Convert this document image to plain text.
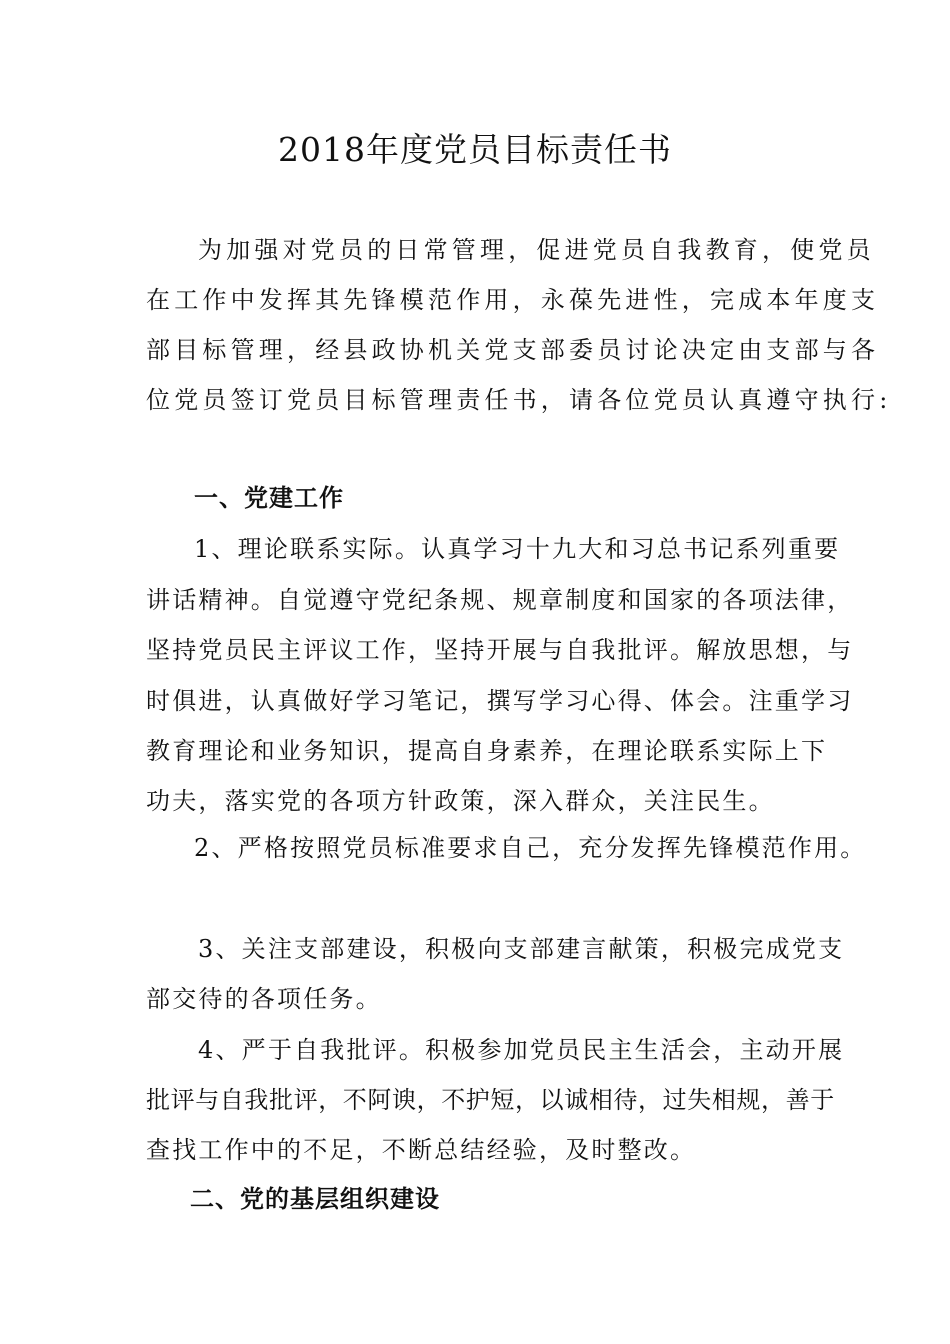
2018年度党员目标责任书

为加强对党员的日常管理，促进党员自我教育，使党员

在工作中发挥其先锋模范作用，永葆先进性，完成本年度支

部目标管理，经县政协机关党支部委员讨论决定由支部与各

位党员签订党员目标管理责任书，请各位党员认真遵守执行:

一、党建工作

1、理论联系实际。认真学习十九大和习总书记系列重要

讲话精神。自觉遵守党纪条规、规章制度和国家的各项法律，

坚持党员民主评议工作，坚持开展与自我批评。解放思想，与

时俱进，认真做好学习笔记，撰写学习心得、体会。注重学习

教育理论和业务知识，提高自身素养，在理论联系实际上下

功夫，落实党的各项方针政策，深入群众，关注民生。

2、严格按照党员标准要求自己，充分发挥先锋模范作用。

3、关注支部建设，积极向支部建言献策，积极完成党支

部交待的各项任务。

4、严于自我批评。积极参加党员民主生活会，主动开展

批评与自我批评，不阿谀，不护短，以诚相待，过失相规，善于

查找工作中的不足，不断总结经验，及时整改。

二、党的基层组织建设
